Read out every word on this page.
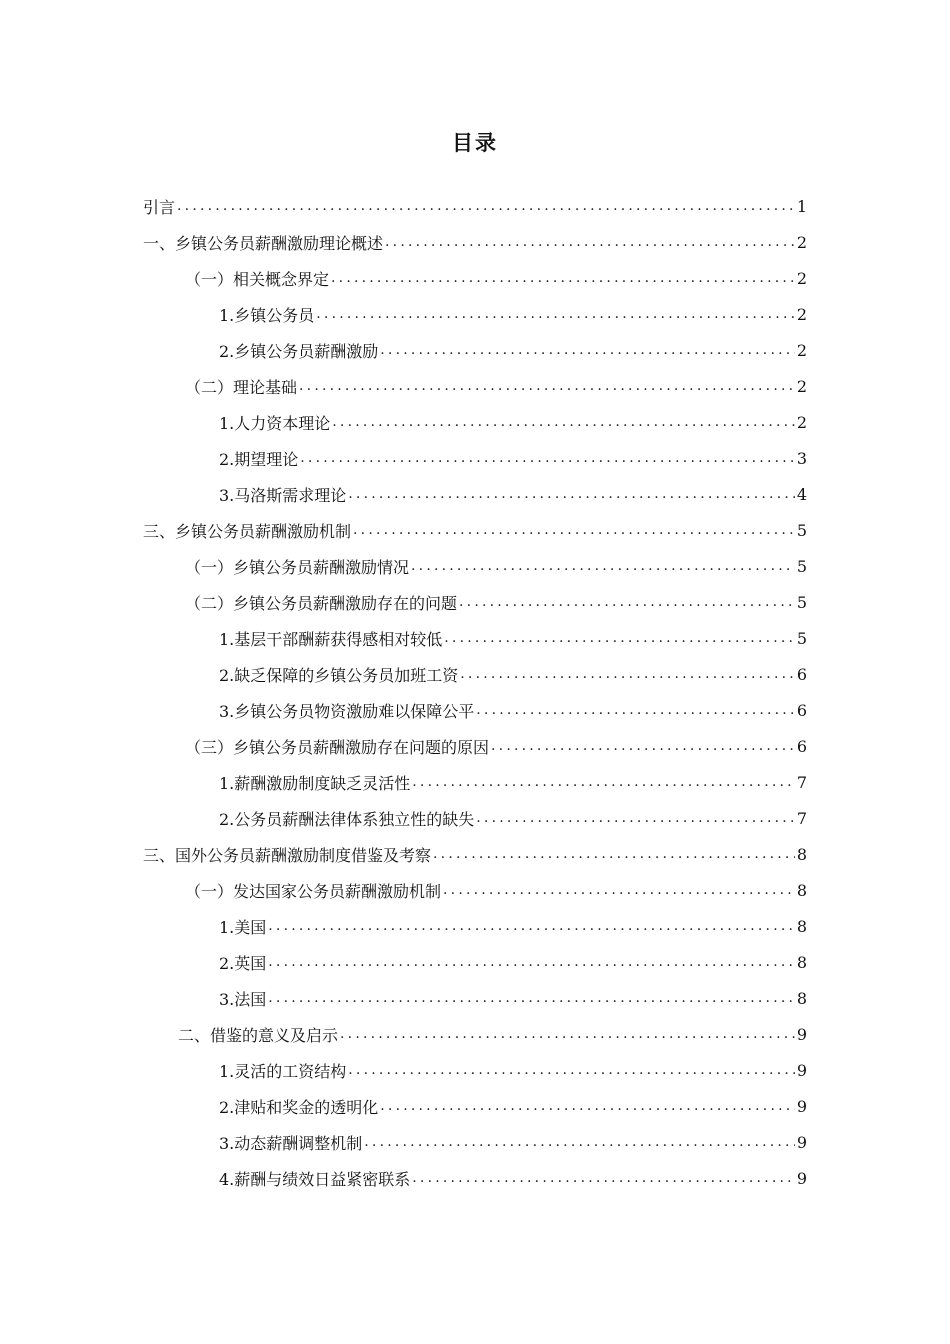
目录
引言 .....	1
一、乡镇公务员薪酬激励理论概述 .....	2
（一）相关概念界定 .....	2
1.乡镇公务员 .....	2
2.乡镇公务员薪酬激励 .....	2
（二）理论基础 .....	2
1.人力资本理论 .....	2
2.期望理论 .....	3
3.马洛斯需求理论 .....	4
三、乡镇公务员薪酬激励机制 .....	5
（一）乡镇公务员薪酬激励情况 .....	5
（二）乡镇公务员薪酬激励存在的问题 .....	5
1.基层干部酬薪获得感相对较低 .....	5
2.缺乏保障的乡镇公务员加班工资 .....	6
3.乡镇公务员物资激励难以保障公平 .....	6
（三）乡镇公务员薪酬激励存在问题的原因 .....	6
1.薪酬激励制度缺乏灵活性 .....	7
2.公务员薪酬法律体系独立性的缺失 .....	7
三、国外公务员薪酬激励制度借鉴及考察 .....	8
（一）发达国家公务员薪酬激励机制 .....	8
1.美国 .....	8
2.英国 .....	8
3.法国 .....	8
二、借鉴的意义及启示 .....	9
1.灵活的工资结构 .....	9
2.津贴和奖金的透明化 .....	9
3.动态薪酬调整机制 .....	9
4.薪酬与绩效日益紧密联系 .....	9
